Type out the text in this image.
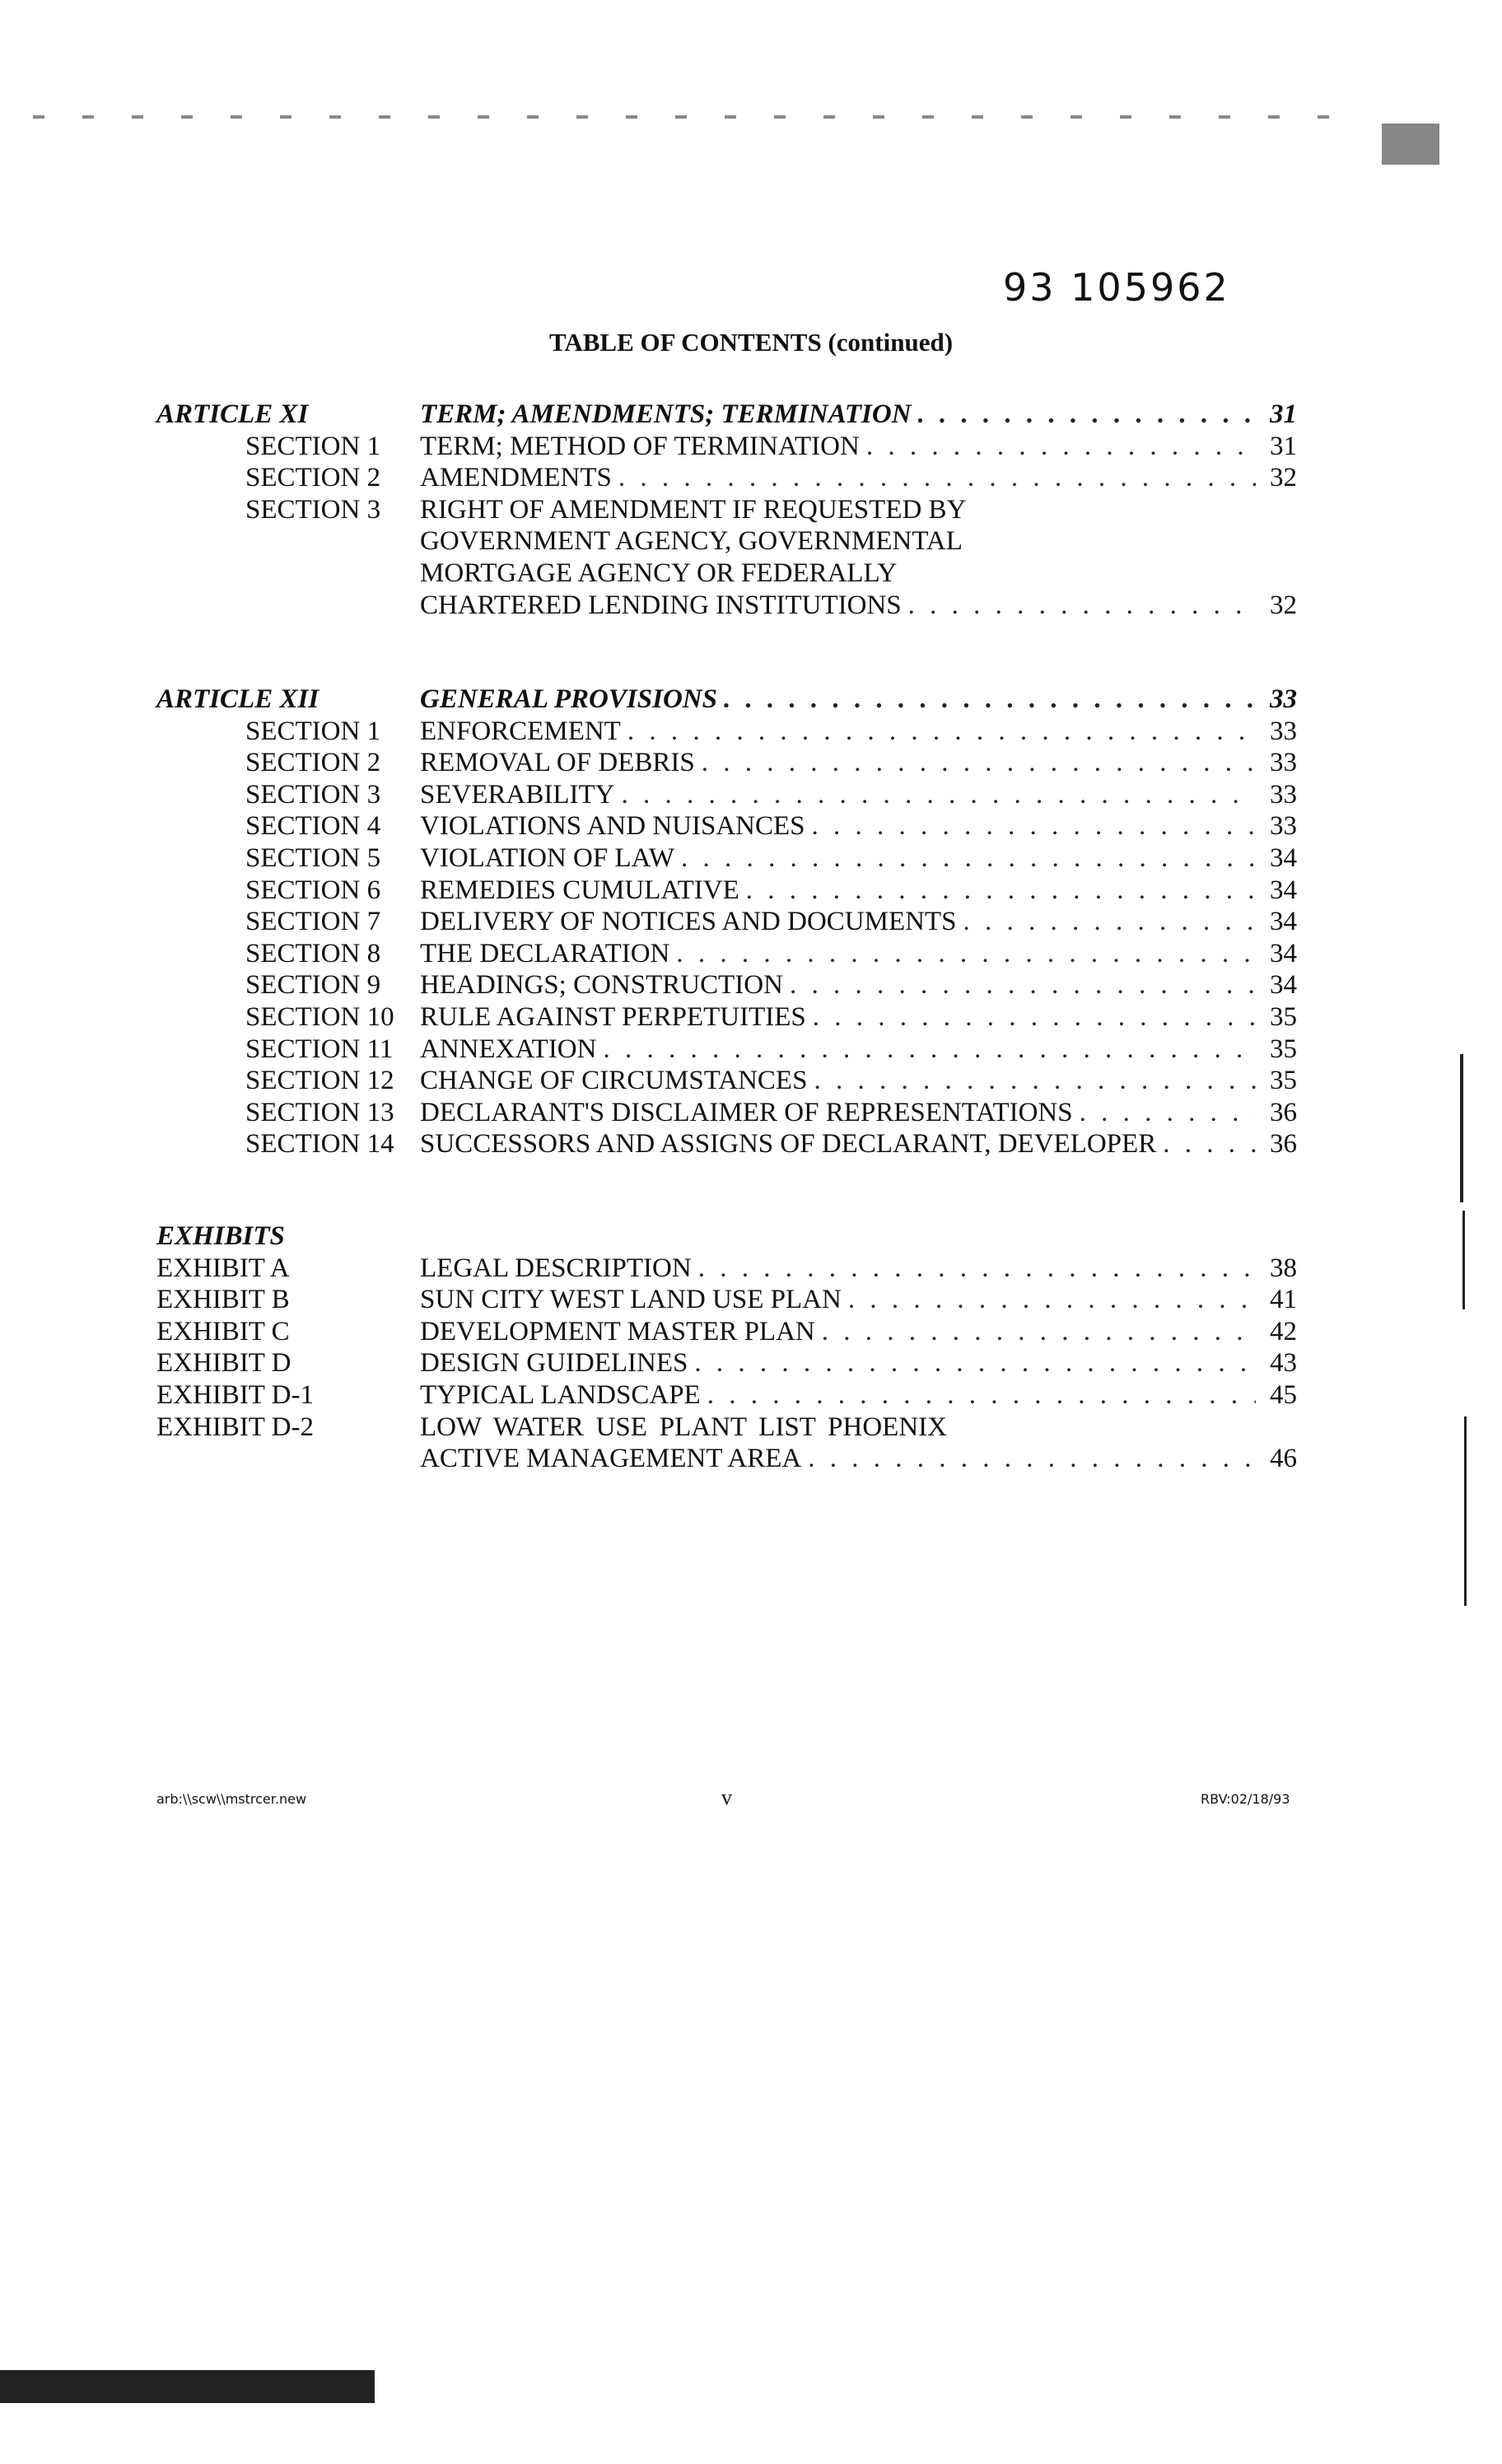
93 105962
TABLE OF CONTENTS (continued)
ARTICLE XI	TERM; AMENDMENTS; TERMINATION . . .	31
SECTION 1 TERM; METHOD OF TERMINATION . . .	31
SECTION 2 AMENDMENTS . . .	32
SECTION 3 RIGHT OF AMENDMENT IF REQUESTED BY
GOVERNMENT AGENCY, GOVERNMENTAL
MORTGAGE AGENCY OR FEDERALLY
CHARTERED LENDING INSTITUTIONS . . .	32
ARTICLE XII	GENERAL PROVISIONS . . .	33
SECTION 1 ENFORCEMENT . . .	33
SECTION 2 REMOVAL OF DEBRIS . . .	33
SECTION 3 SEVERABILITY . . .	33
SECTION 4 VIOLATIONS AND NUISANCES . . .	33
SECTION 5 VIOLATION OF LAW . . .	34
SECTION 6 REMEDIES CUMULATIVE . . .	34
SECTION 7 DELIVERY OF NOTICES AND DOCUMENTS . . .	34
SECTION 8 THE DECLARATION . . .	34
SECTION 9 HEADINGS; CONSTRUCTION . . .	34
SECTION 10 RULE AGAINST PERPETUITIES . . .	35
SECTION 11 ANNEXATION . . .	35
SECTION 12 CHANGE OF CIRCUMSTANCES . . .	35
SECTION 13 DECLARANT'S DISCLAIMER OF REPRESENTATIONS . . .	36
SECTION 14 SUCCESSORS AND ASSIGNS OF DECLARANT, DEVELOPER . . .	36
EXHIBITS
EXHIBIT A	LEGAL DESCRIPTION . . .	38
EXHIBIT B	SUN CITY WEST LAND USE PLAN . . .	41
EXHIBIT C	DEVELOPMENT MASTER PLAN . . .	42
EXHIBIT D	DESIGN GUIDELINES . . .	43
EXHIBIT D-1	TYPICAL LANDSCAPE . . .	45
EXHIBIT D-2	LOW WATER USE PLANT LIST PHOENIX
ACTIVE MANAGEMENT AREA . . .	46
arb:\\scw\\mstrcer.new	v	RBV:02/18/93
